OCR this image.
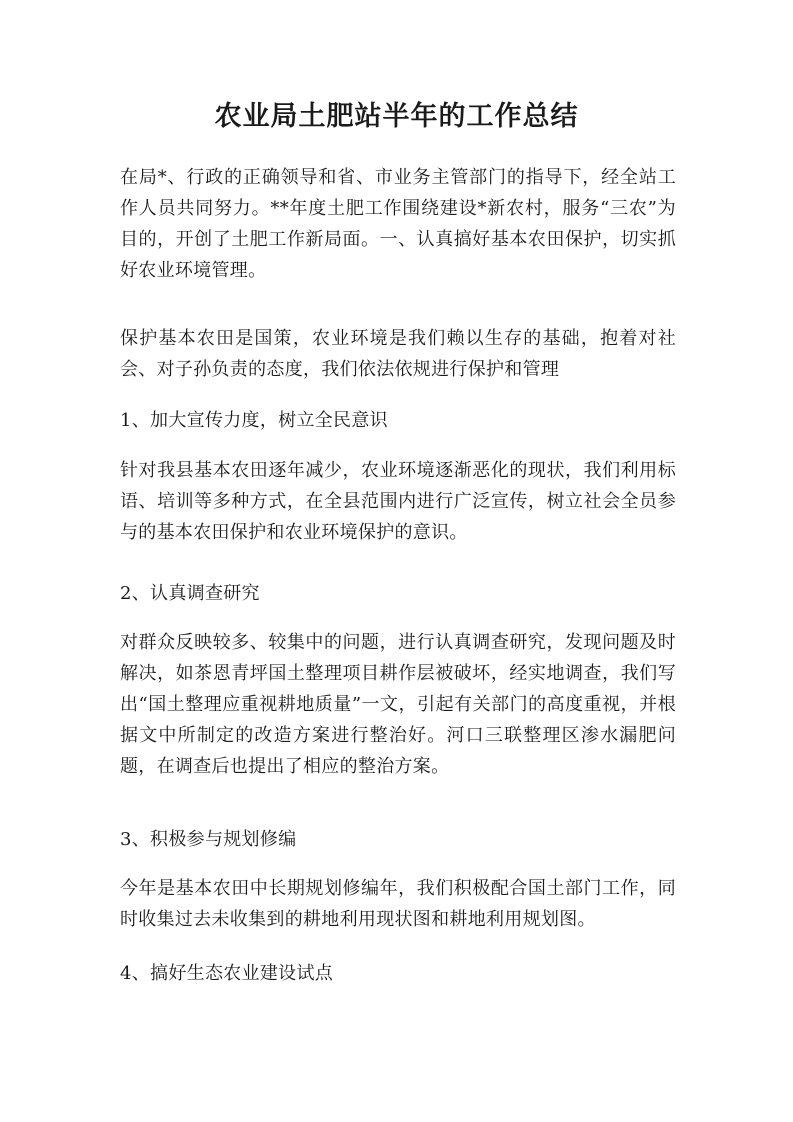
农业局土肥站半年的工作总结

在局*、行政的正确领导和省、市业务主管部门的指导下，经全站工作人员共同努力。**年度土肥工作围绕建设*新农村，服务“三农”为目的，开创了土肥工作新局面。一、认真搞好基本农田保护，切实抓好农业环境管理。

保护基本农田是国策，农业环境是我们赖以生存的基础，抱着对社会、对子孙负责的态度，我们依法依规进行保护和管理

1、加大宣传力度，树立全民意识

针对我县基本农田逐年减少，农业环境逐渐恶化的现状，我们利用标语、培训等多种方式，在全县范围内进行广泛宣传，树立社会全员参与的基本农田保护和农业环境保护的意识。

2、认真调查研究

对群众反映较多、较集中的问题，进行认真调查研究，发现问题及时解决，如茶恩青坪国土整理项目耕作层被破坏，经实地调查，我们写出“国土整理应重视耕地质量”一文，引起有关部门的高度重视，并根据文中所制定的改造方案进行整治好。河口三联整理区渗水漏肥问题，在调查后也提出了相应的整治方案。

3、积极参与规划修编

今年是基本农田中长期规划修编年，我们积极配合国土部门工作，同时收集过去未收集到的耕地利用现状图和耕地利用规划图。

4、搞好生态农业建设试点
